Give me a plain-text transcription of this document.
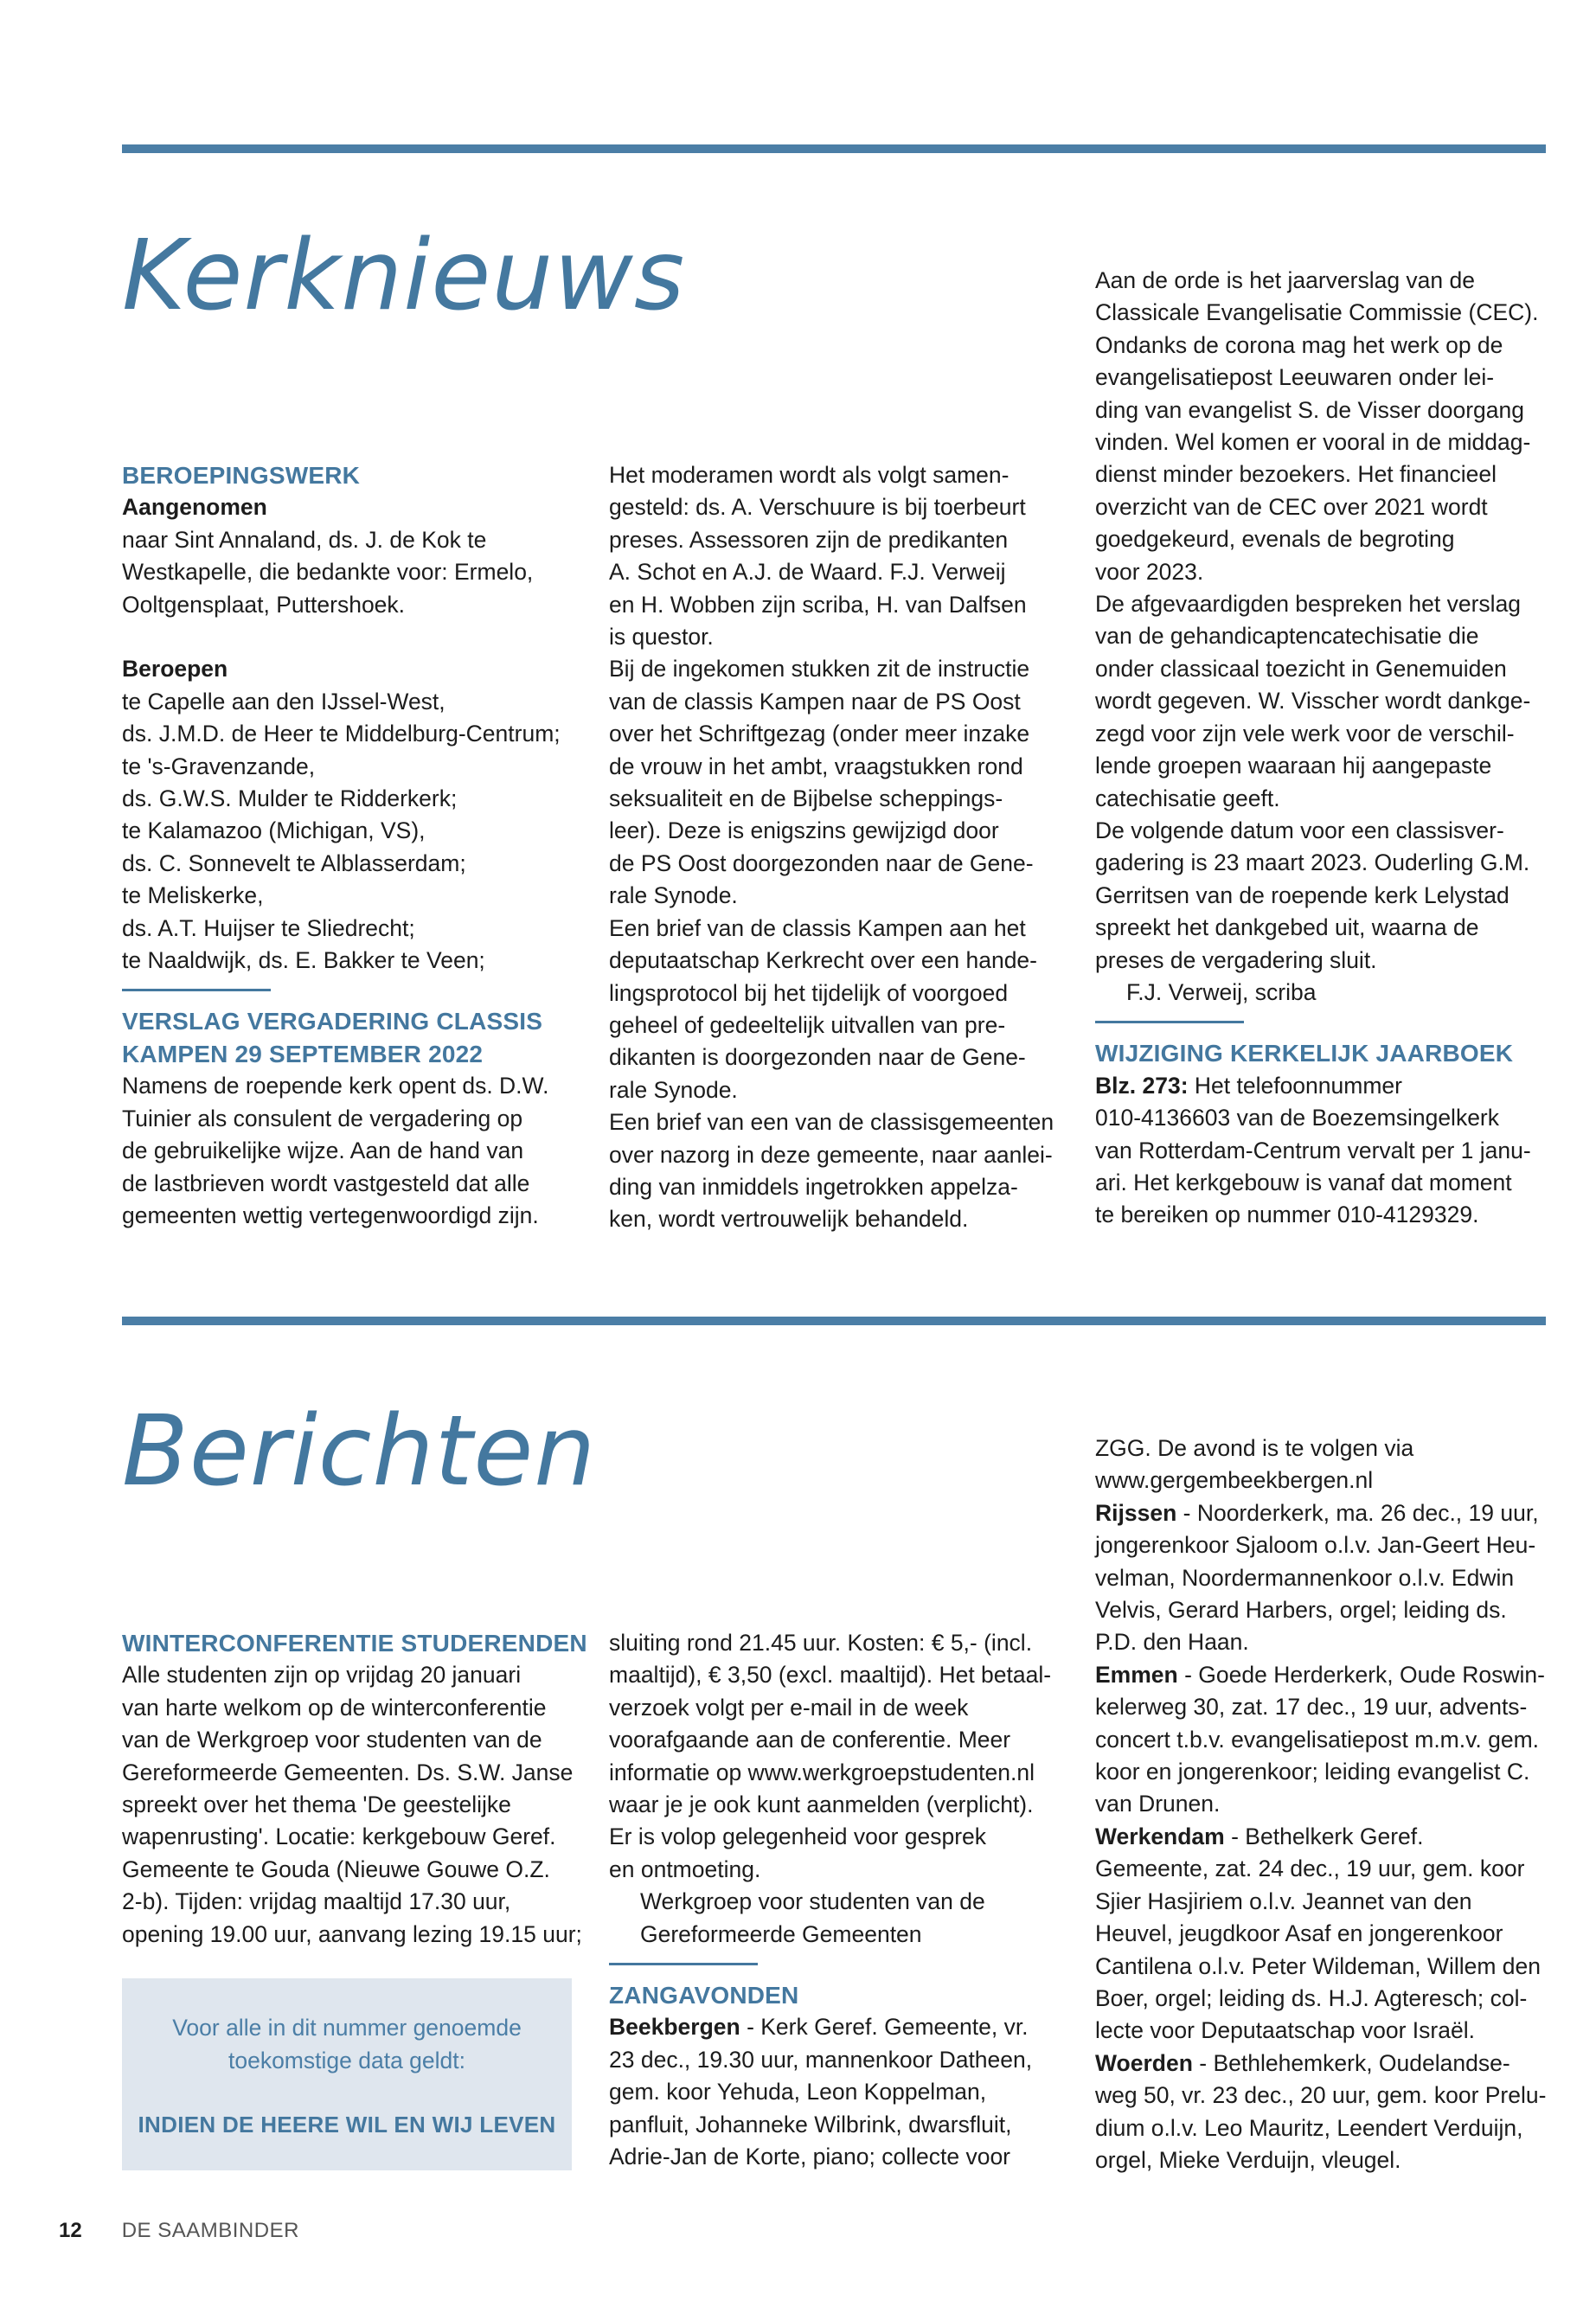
Kerknieuws
BEROEPINGSWERK

Aangenomen

naar Sint Annaland, ds. J. de Kok te

Westkapelle, die bedankte voor: Ermelo,

Ooltgensplaat, Puttershoek.

Beroepen

te Capelle aan den IJssel-West,

ds. J.M.D. de Heer te Middelburg-Centrum;

te 's-Gravenzande,

ds. G.W.S. Mulder te Ridderkerk;

te Kalamazoo (Michigan, VS),

ds. C. Sonnevelt te Alblasserdam;

te Meliskerke,

ds. A.T. Huijser te Sliedrecht;

te Naaldwijk, ds. E. Bakker te Veen;

VERSLAG VERGADERING CLASSIS
KAMPEN 29 SEPTEMBER 2022

Namens de roepende kerk opent ds. D.W.

Tuinier als consulent de vergadering op

de gebruikelijke wijze. Aan de hand van

de lastbrieven wordt vastgesteld dat alle

gemeenten wettig vertegenwoordigd zijn.

Het moderamen wordt als volgt samen-

gesteld: ds. A. Verschuure is bij toerbeurt

preses. Assessoren zijn de predikanten

A. Schot en A.J. de Waard. F.J. Verweij

en H. Wobben zijn scriba, H. van Dalfsen

is questor.

Bij de ingekomen stukken zit de instructie

van de classis Kampen naar de PS Oost

over het Schriftgezag (onder meer inzake

de vrouw in het ambt, vraagstukken rond

seksualiteit en de Bijbelse scheppings-

leer). Deze is enigszins gewijzigd door

de PS Oost doorgezonden naar de Gene-

rale Synode.

Een brief van de classis Kampen aan het

deputaatschap Kerkrecht over een hande-

lingsprotocol bij het tijdelijk of voorgoed

geheel of gedeeltelijk uitvallen van pre-

dikanten is doorgezonden naar de Gene-

rale Synode.

Een brief van een van de classisgemeenten

over nazorg in deze gemeente, naar aanlei-

ding van inmiddels ingetrokken appelza-

ken, wordt vertrouwelijk behandeld.

Aan de orde is het jaarverslag van de

Classicale Evangelisatie Commissie (CEC).

Ondanks de corona mag het werk op de

evangelisatiepost Leeuwaren onder lei-

ding van evangelist S. de Visser doorgang

vinden. Wel komen er vooral in de middag-

dienst minder bezoekers. Het financieel

overzicht van de CEC over 2021 wordt

goedgekeurd, evenals de begroting

voor 2023.

De afgevaardigden bespreken het verslag

van de gehandicaptencatechisatie die

onder classicaal toezicht in Genemuiden

wordt gegeven. W. Visscher wordt dankge-

zegd voor zijn vele werk voor de verschil-

lende groepen waaraan hij aangepaste

catechisatie geeft.

De volgende datum voor een classisver-

gadering is 23 maart 2023. Ouderling G.M.

Gerritsen van de roepende kerk Lelystad

spreekt het dankgebed uit, waarna de

preses de vergadering sluit.

F.J. Verweij, scriba

WIJZIGING KERKELIJK JAARBOEK

Blz. 273: Het telefoonnummer

010-4136603 van de Boezemsingelkerk

van Rotterdam-Centrum vervalt per 1 janu-

ari. Het kerkgebouw is vanaf dat moment

te bereiken op nummer 010-4129329.

Berichten
WINTERCONFERENTIE STUDERENDEN

Alle studenten zijn op vrijdag 20 januari

van harte welkom op de winterconferentie

van de Werkgroep voor studenten van de

Gereformeerde Gemeenten. Ds. S.W. Janse

spreekt over het thema 'De geestelijke

wapenrusting'. Locatie: kerkgebouw Geref.

Gemeente te Gouda (Nieuwe Gouwe O.Z.

2-b). Tijden: vrijdag maaltijd 17.30 uur,

opening 19.00 uur, aanvang lezing 19.15 uur;

Voor alle in dit nummer genoemde
toekomstige data geldt:
INDIEN DE HEERE WIL EN WIJ LEVEN

sluiting rond 21.45 uur. Kosten: € 5,- (incl.

maaltijd), € 3,50 (excl. maaltijd). Het betaal-

verzoek volgt per e-mail in de week

voorafgaande aan de conferentie. Meer

informatie op www.werkgroepstudenten.nl

waar je je ook kunt aanmelden (verplicht).

Er is volop gelegenheid voor gesprek

en ontmoeting.

Werkgroep voor studenten van de

Gereformeerde Gemeenten

ZANGAVONDEN

Beekbergen - Kerk Geref. Gemeente, vr.

23 dec., 19.30 uur, mannenkoor Datheen,

gem. koor Yehuda, Leon Koppelman,

panfluit, Johanneke Wilbrink, dwarsfluit,

Adrie-Jan de Korte, piano; collecte voor

ZGG. De avond is te volgen via

www.gergembeekbergen.nl

Rijssen - Noorderkerk, ma. 26 dec., 19 uur,

jongerenkoor Sjaloom o.l.v. Jan-Geert Heu-

velman, Noordermannenkoor o.l.v. Edwin

Velvis, Gerard Harbers, orgel; leiding ds.

P.D. den Haan.

Emmen - Goede Herderkerk, Oude Roswin-

kelerweg 30, zat. 17 dec., 19 uur, advents-

concert t.b.v. evangelisatiepost m.m.v. gem.

koor en jongerenkoor; leiding evangelist C.

van Drunen.

Werkendam - Bethelkerk Geref.

Gemeente, zat. 24 dec., 19 uur, gem. koor

Sjier Hasjiriem o.l.v. Jeannet van den

Heuvel, jeugdkoor Asaf en jongerenkoor

Cantilena o.l.v. Peter Wildeman, Willem den

Boer, orgel; leiding ds. H.J. Agteresch; col-

lecte voor Deputaatschap voor Israël.

Woerden - Bethlehemkerk, Oudelandse-

weg 50, vr. 23 dec., 20 uur, gem. koor Prelu-

dium o.l.v. Leo Mauritz, Leendert Verduijn,

orgel, Mieke Verduijn, vleugel.

12 DE SAAMBINDER
